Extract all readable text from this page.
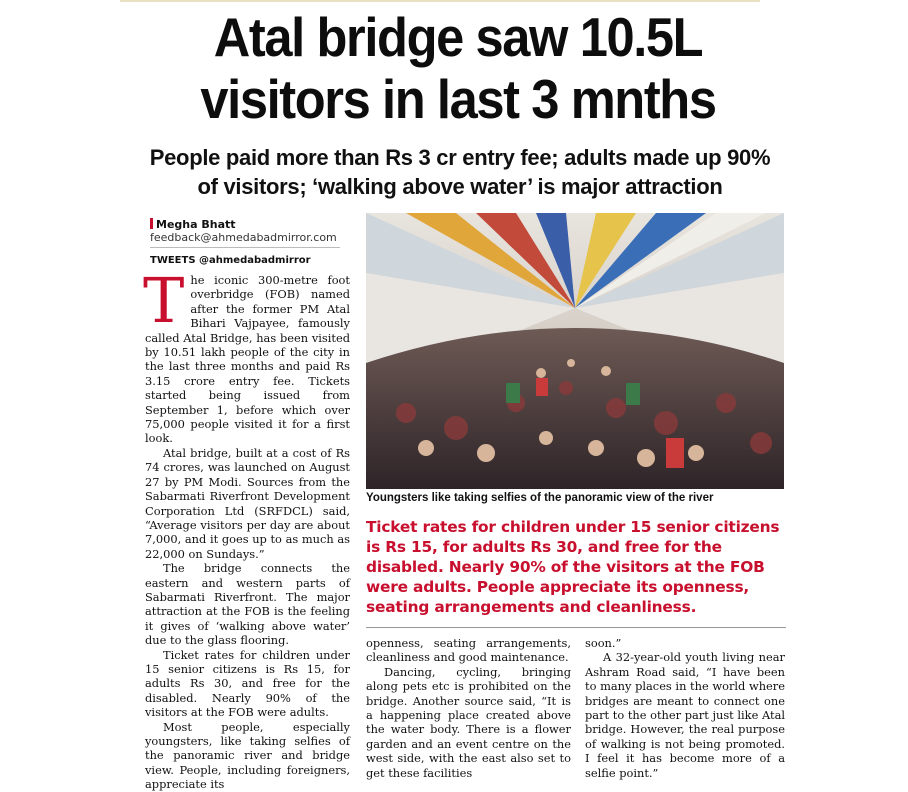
Atal bridge saw 10.5L visitors in last 3 mnths
People paid more than Rs 3 cr entry fee; adults made up 90% of visitors; ‘walking above water’ is major attraction
Megha Bhatt
feedback@ahmedabadmirror.com
TWEETS @ahmedabadmirror
T he iconic 300-metre foot overbridge (FOB) named after the former PM Atal Bihari Vajpayee, famously called Atal Bridge, has been visited by 10.51 lakh people of the city in the last three months and paid Rs 3.15 crore entry fee. Tickets started being issued from September 1, before which over 75,000 people visited it for a first look.

Atal bridge, built at a cost of Rs 74 crores, was launched on August 27 by PM Modi. Sources from the Sabarmati Riverfront Development Corporation Ltd (SRFDCL) said, “Average visitors per day are about 7,000, and it goes up to as much as 22,000 on Sundays.”

The bridge connects the eastern and western parts of Sabarmati Riverfront. The major attraction at the FOB is the feeling it gives of ‘walking above water’ due to the glass flooring.

Ticket rates for children under 15 senior citizens is Rs 15, for adults Rs 30, and free for the disabled. Nearly 90% of the visitors at the FOB were adults.

Most people, especially youngsters, like taking selfies of the panoramic river and bridge view. People, including foreigners, appreciate its

Youngsters like taking selfies of the panoramic view of the river
Ticket rates for children under 15 senior citizens is Rs 15, for adults Rs 30, and free for the disabled. Nearly 90% of the visitors at the FOB were adults. People appreciate its openness, seating arrangements and cleanliness.

openness, seating arrangements, cleanliness and good maintenance.

Dancing, cycling, bringing along pets etc is prohibited on the bridge. Another source said, “It is a happening place created above the water body. There is a flower garden and an event centre on the west side, with the east also set to get these facilities

soon.”

A 32-year-old youth living near Ashram Road said, “I have been to many places in the world where bridges are meant to connect one part to the other part just like Atal bridge. However, the real purpose of walking is not being promoted. I feel it has become more of a selfie point.”
